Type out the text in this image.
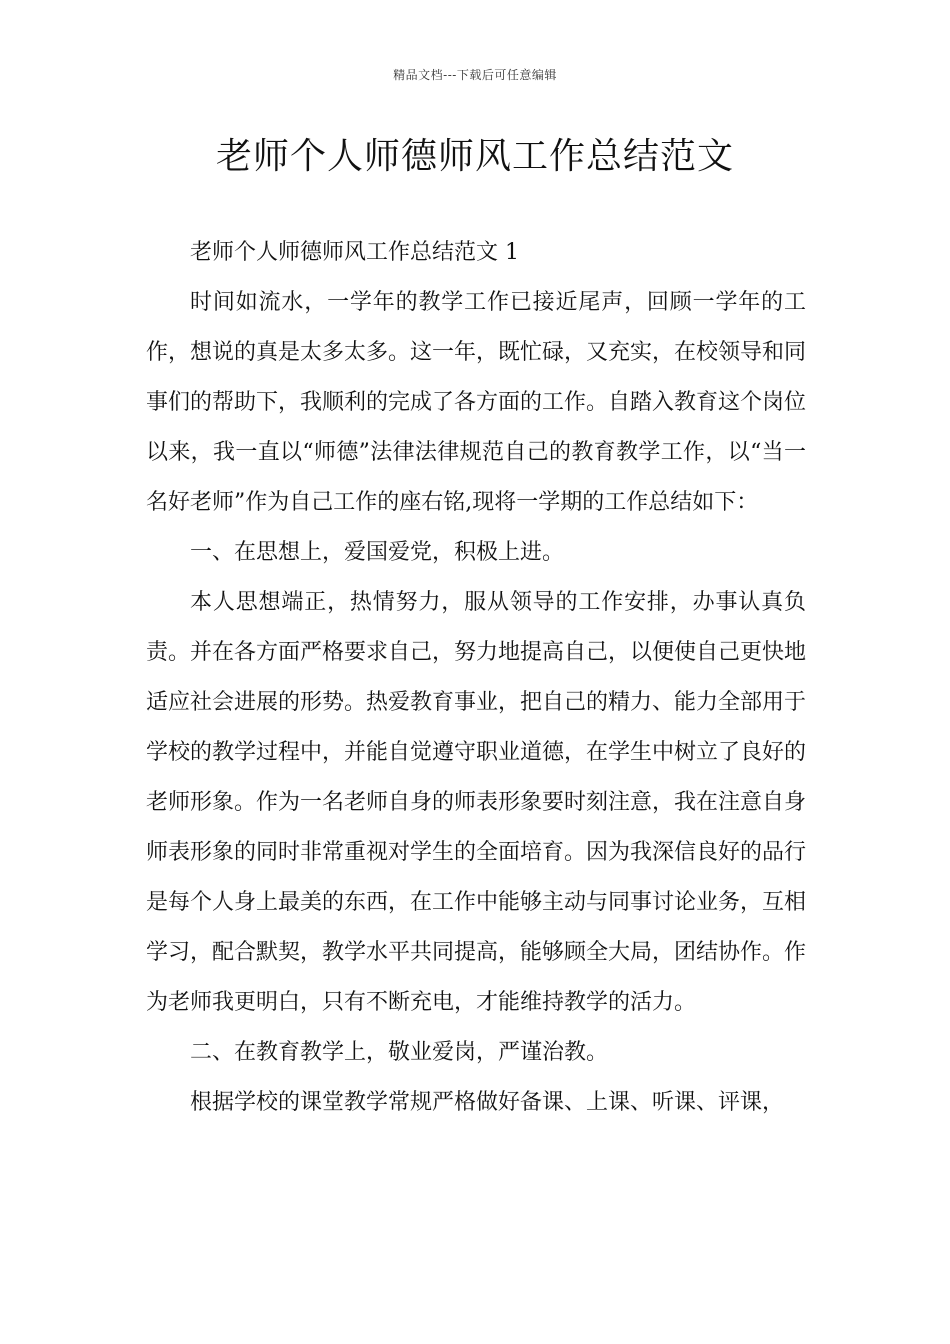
精品文档---下载后可任意编辑
老师个人师德师风工作总结范文

老师个人师德师风工作总结范文 1

时间如流水，一学年的教学工作已接近尾声，回顾一学年的工作，想说的真是太多太多。这一年，既忙碌，又充实，在校领导和同事们的帮助下，我顺利的完成了各方面的工作。自踏入教育这个岗位以来，我一直以“师德”法律法律规范自己的教育教学工作，以“当一名好老师”作为自己工作的座右铭,现将一学期的工作总结如下：

一、在思想上，爱国爱党，积极上进。

本人思想端正，热情努力，服从领导的工作安排，办事认真负责。并在各方面严格要求自己，努力地提高自己，以便使自己更快地适应社会进展的形势。热爱教育事业，把自己的精力、能力全部用于学校的教学过程中，并能自觉遵守职业道德，在学生中树立了良好的老师形象。作为一名老师自身的师表形象要时刻注意，我在注意自身师表形象的同时非常重视对学生的全面培育。因为我深信良好的品行是每个人身上最美的东西，在工作中能够主动与同事讨论业务，互相学习，配合默契，教学水平共同提高，能够顾全大局，团结协作。作为老师我更明白，只有不断充电，才能维持教学的活力。

二、在教育教学上，敬业爱岗，严谨治教。

根据学校的课堂教学常规严格做好备课、上课、听课、评课，
